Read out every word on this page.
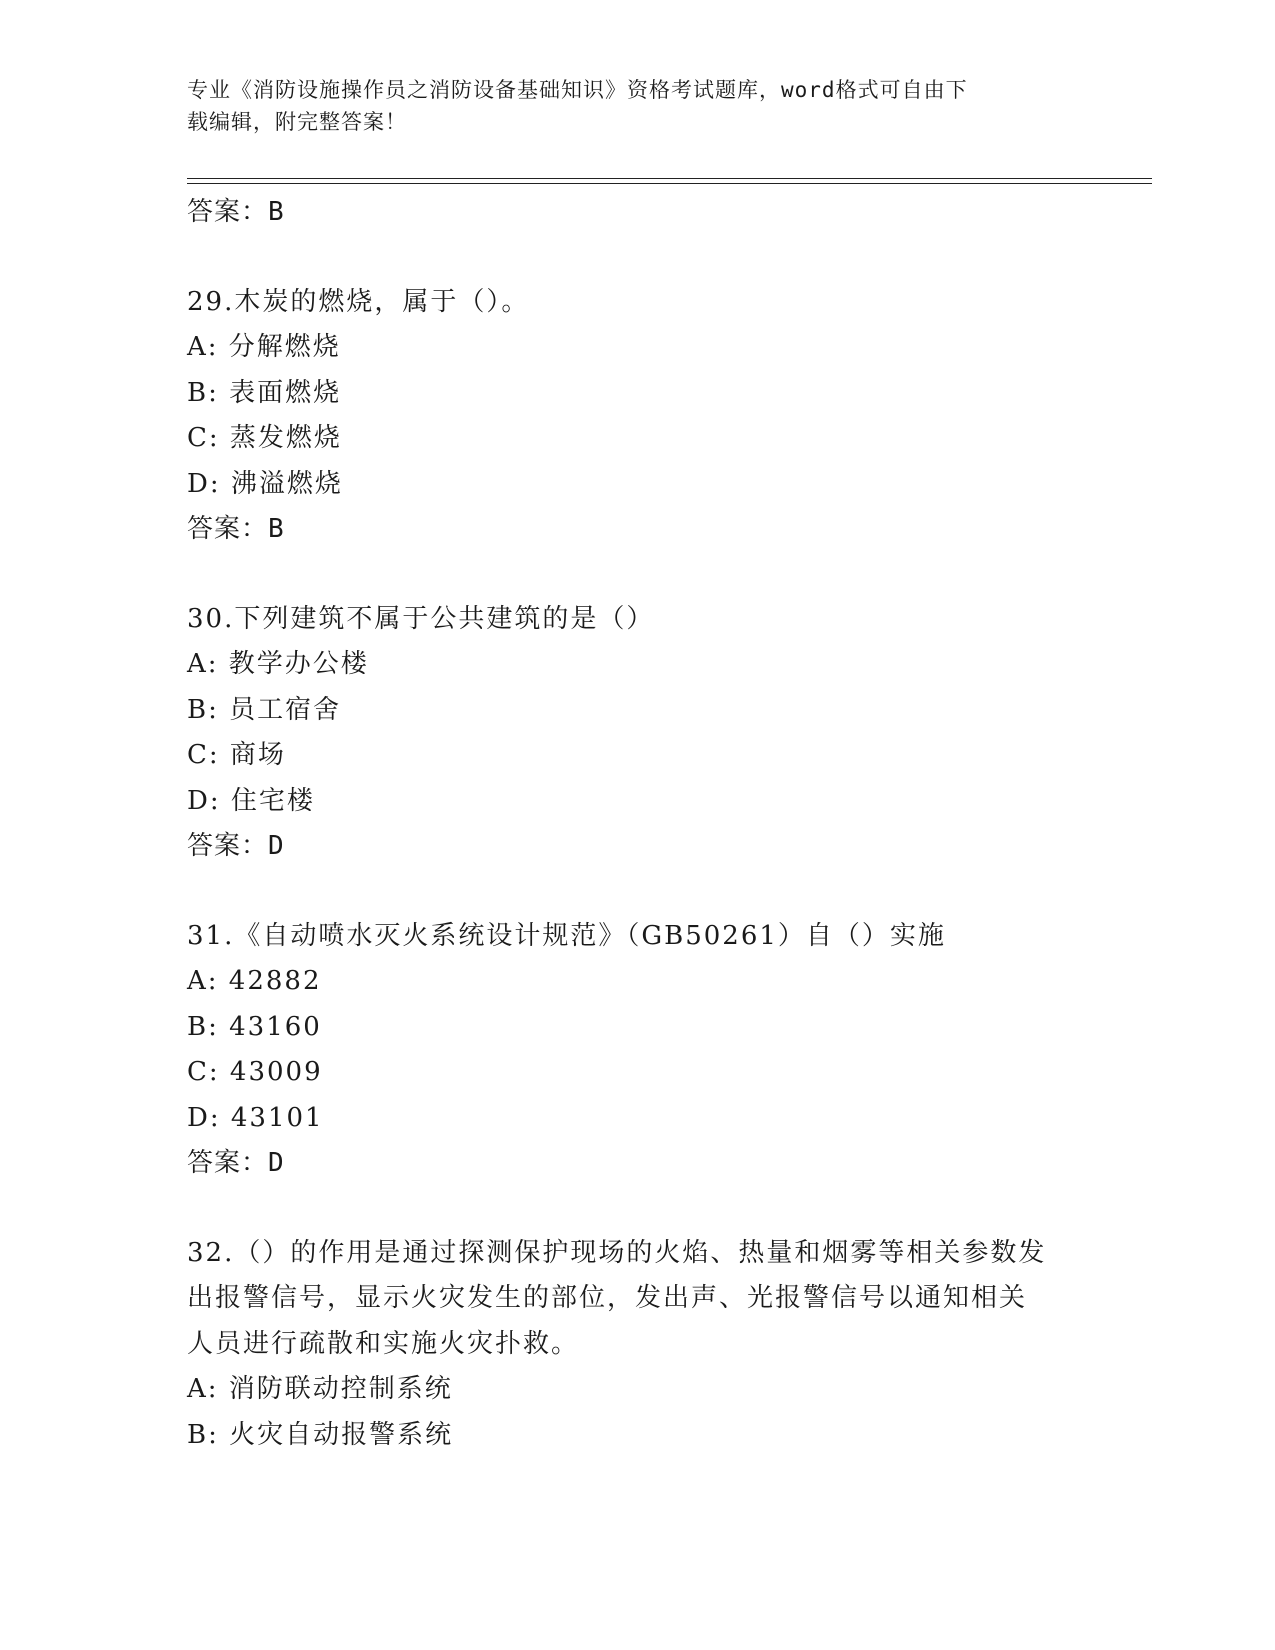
专业《消防设施操作员之消防设备基础知识》资格考试题库，word格式可自由下
载编辑，附完整答案！
答案：B
29.木炭的燃烧，属于（）。
A: 分解燃烧
B: 表面燃烧
C: 蒸发燃烧
D: 沸溢燃烧
答案：B
30.下列建筑不属于公共建筑的是（）
A: 教学办公楼
B: 员工宿舍
C: 商场
D: 住宅楼
答案：D
31.《自动喷水灭火系统设计规范》（GB50261）自（）实施
A: 42882
B: 43160
C: 43009
D: 43101
答案：D
32.（）的作用是通过探测保护现场的火焰、热量和烟雾等相关参数发
出报警信号，显示火灾发生的部位，发出声、光报警信号以通知相关
人员进行疏散和实施火灾扑救。
A: 消防联动控制系统
B: 火灾自动报警系统
